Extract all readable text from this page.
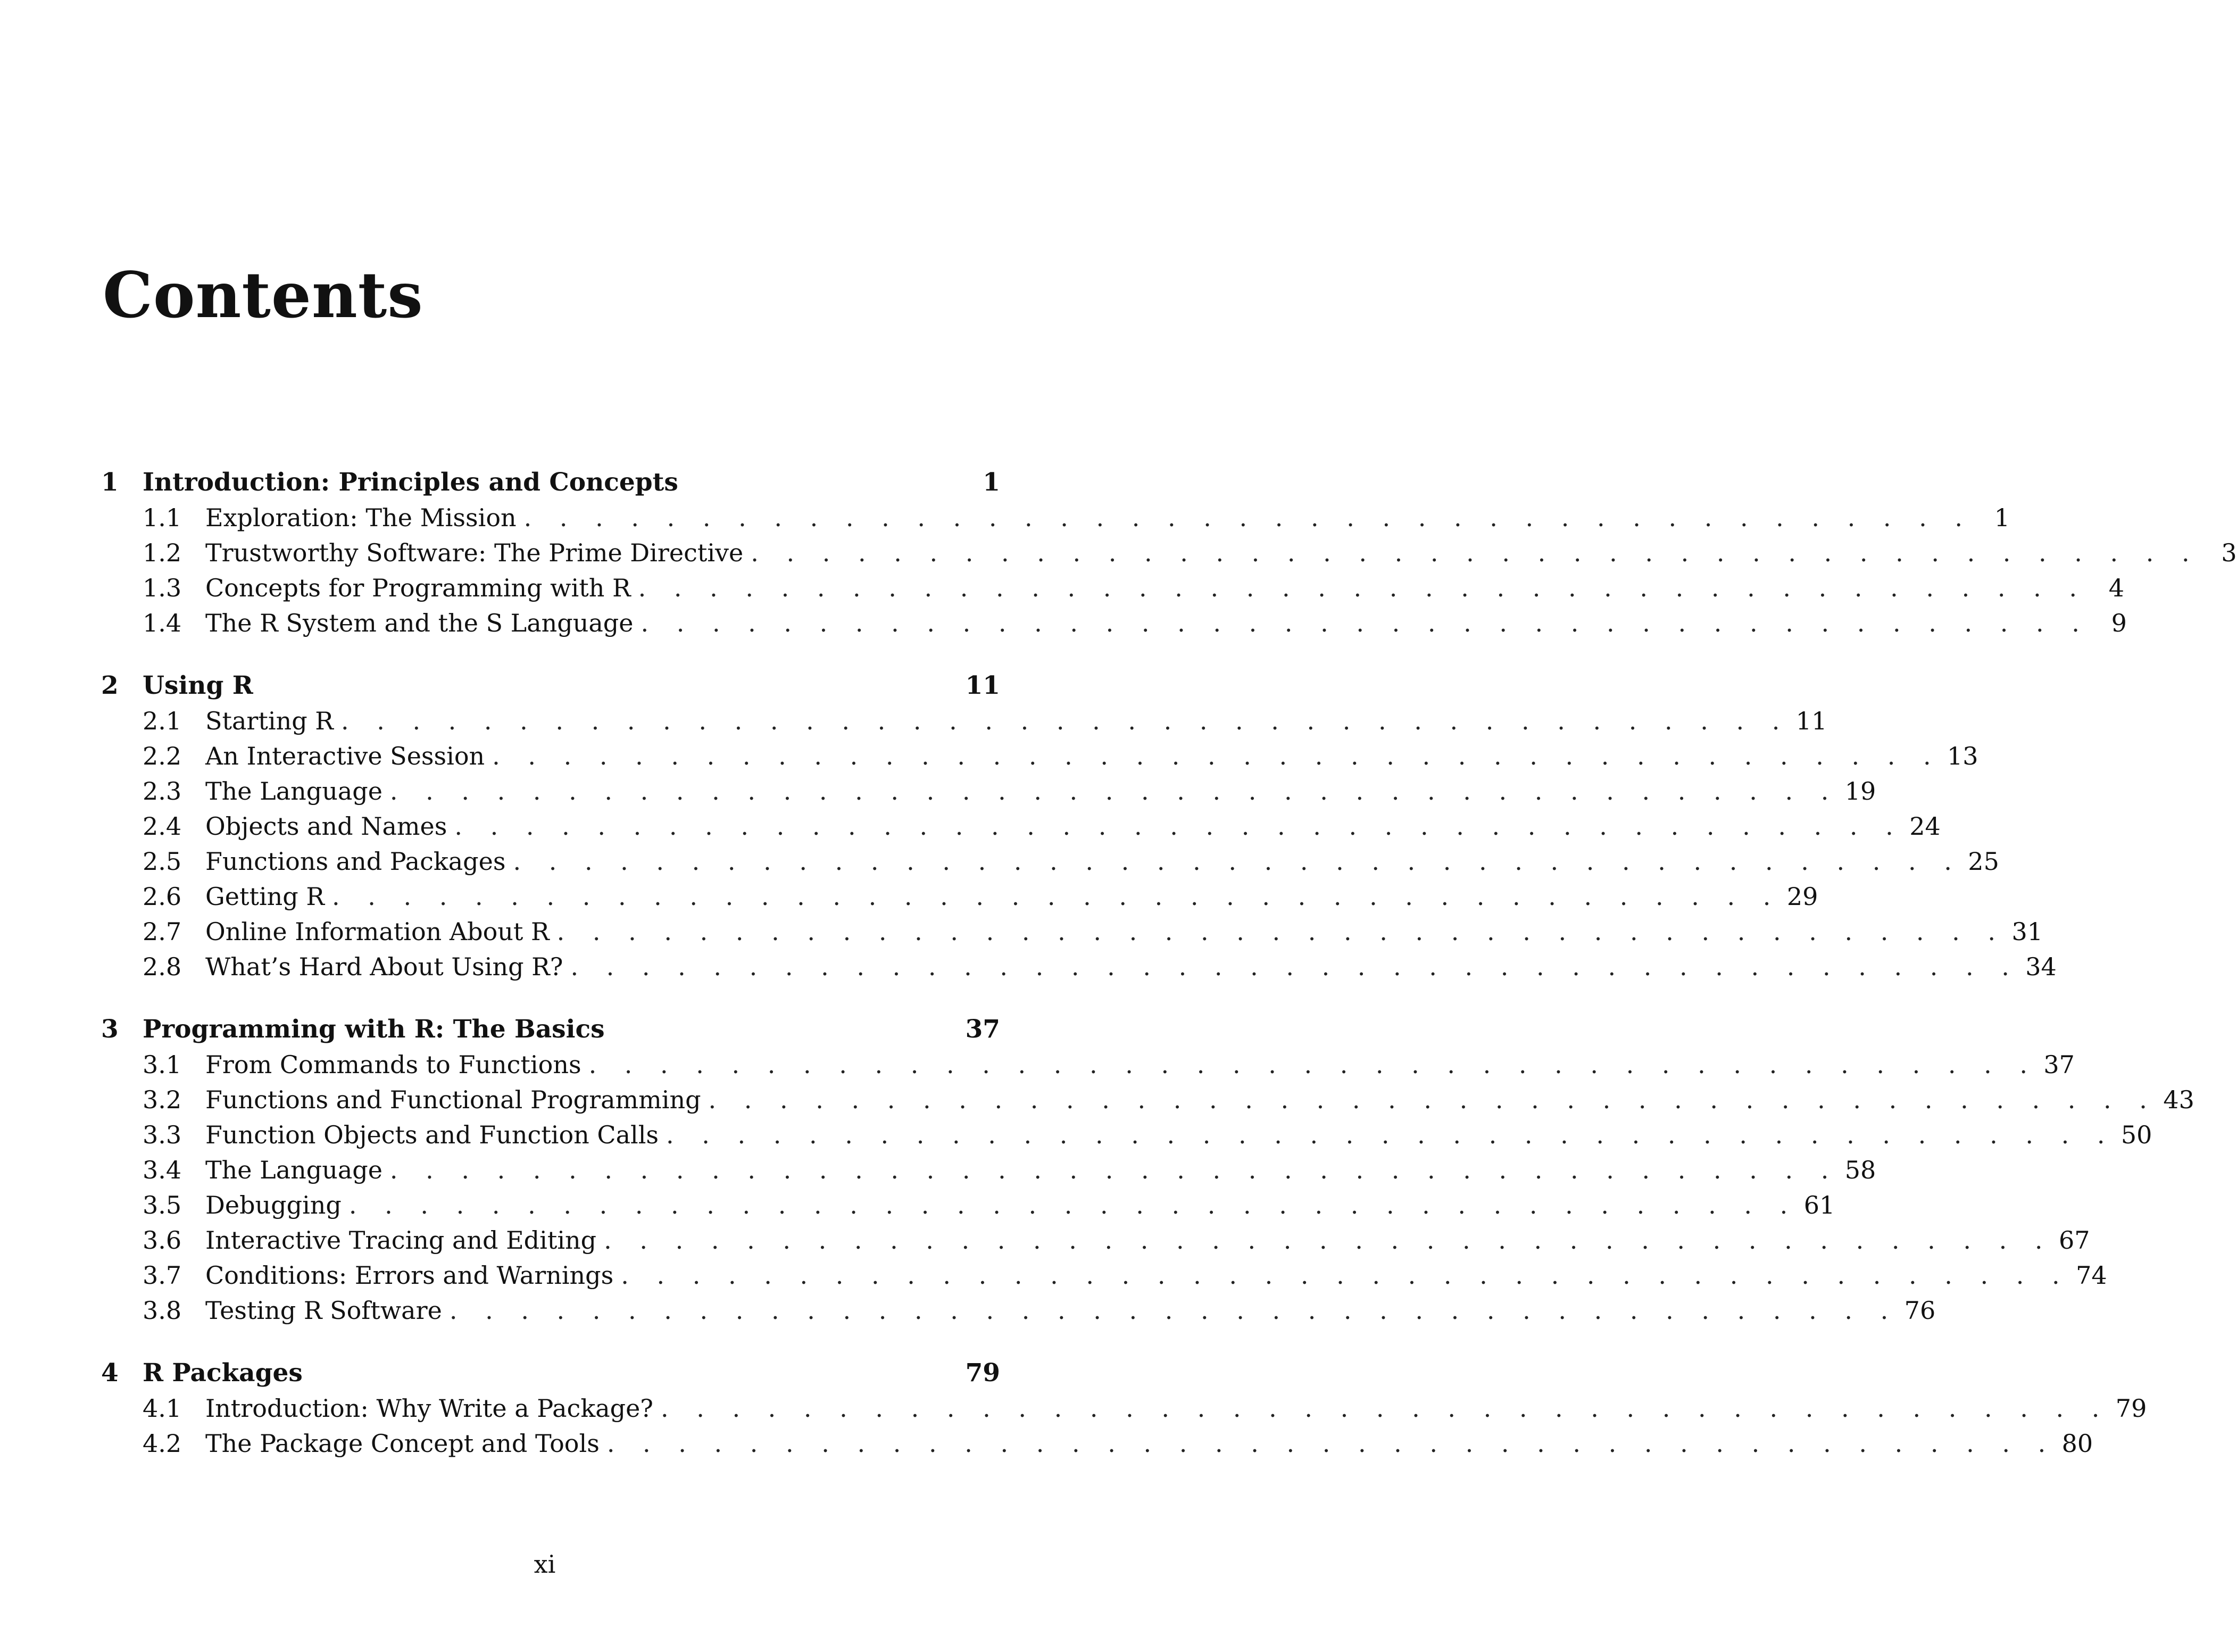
Contents
1 Introduction: Principles and Concepts	1
1.1 Exploration: The Mission . . . . . . . . . . . . . . . . . . . . . . . . . . . . . . . . . . . . . . . . . 1
1.2 Trustworthy Software: The Prime Directive . . . . . . . . . . . . . . . . . . . . . . . . . . . . . . . . . . . . . . . . . 3
1.3 Concepts for Programming with R . . . . . . . . . . . . . . . . . . . . . . . . . . . . . . . . . . . . . . . . . 4
1.4 The R System and the S Language . . . . . . . . . . . . . . . . . . . . . . . . . . . . . . . . . . . . . . . . . 9
2 Using R	11
2.1 Starting R . . . . . . . . . . . . . . . . . . . . . . . . . . . . . . . . . . . . . . . . . 11
2.2 An Interactive Session . . . . . . . . . . . . . . . . . . . . . . . . . . . . . . . . . . . . . . . . . 13
2.3 The Language . . . . . . . . . . . . . . . . . . . . . . . . . . . . . . . . . . . . . . . . . 19
2.4 Objects and Names . . . . . . . . . . . . . . . . . . . . . . . . . . . . . . . . . . . . . . . . . 24
2.5 Functions and Packages . . . . . . . . . . . . . . . . . . . . . . . . . . . . . . . . . . . . . . . . . 25
2.6 Getting R . . . . . . . . . . . . . . . . . . . . . . . . . . . . . . . . . . . . . . . . . 29
2.7 Online Information About R . . . . . . . . . . . . . . . . . . . . . . . . . . . . . . . . . . . . . . . . . 31
2.8 What’s Hard About Using R? . . . . . . . . . . . . . . . . . . . . . . . . . . . . . . . . . . . . . . . . . 34
3 Programming with R: The Basics	37
3.1 From Commands to Functions . . . . . . . . . . . . . . . . . . . . . . . . . . . . . . . . . . . . . . . . . 37
3.2 Functions and Functional Programming . . . . . . . . . . . . . . . . . . . . . . . . . . . . . . . . . . . . . . . . . 43
3.3 Function Objects and Function Calls . . . . . . . . . . . . . . . . . . . . . . . . . . . . . . . . . . . . . . . . . 50
3.4 The Language . . . . . . . . . . . . . . . . . . . . . . . . . . . . . . . . . . . . . . . . . 58
3.5 Debugging . . . . . . . . . . . . . . . . . . . . . . . . . . . . . . . . . . . . . . . . . 61
3.6 Interactive Tracing and Editing . . . . . . . . . . . . . . . . . . . . . . . . . . . . . . . . . . . . . . . . . 67
3.7 Conditions: Errors and Warnings . . . . . . . . . . . . . . . . . . . . . . . . . . . . . . . . . . . . . . . . . 74
3.8 Testing R Software . . . . . . . . . . . . . . . . . . . . . . . . . . . . . . . . . . . . . . . . . 76
4 R Packages	79
4.1 Introduction: Why Write a Package? . . . . . . . . . . . . . . . . . . . . . . . . . . . . . . . . . . . . . . . . . 79
4.2 The Package Concept and Tools . . . . . . . . . . . . . . . . . . . . . . . . . . . . . . . . . . . . . . . . . 80
xi
